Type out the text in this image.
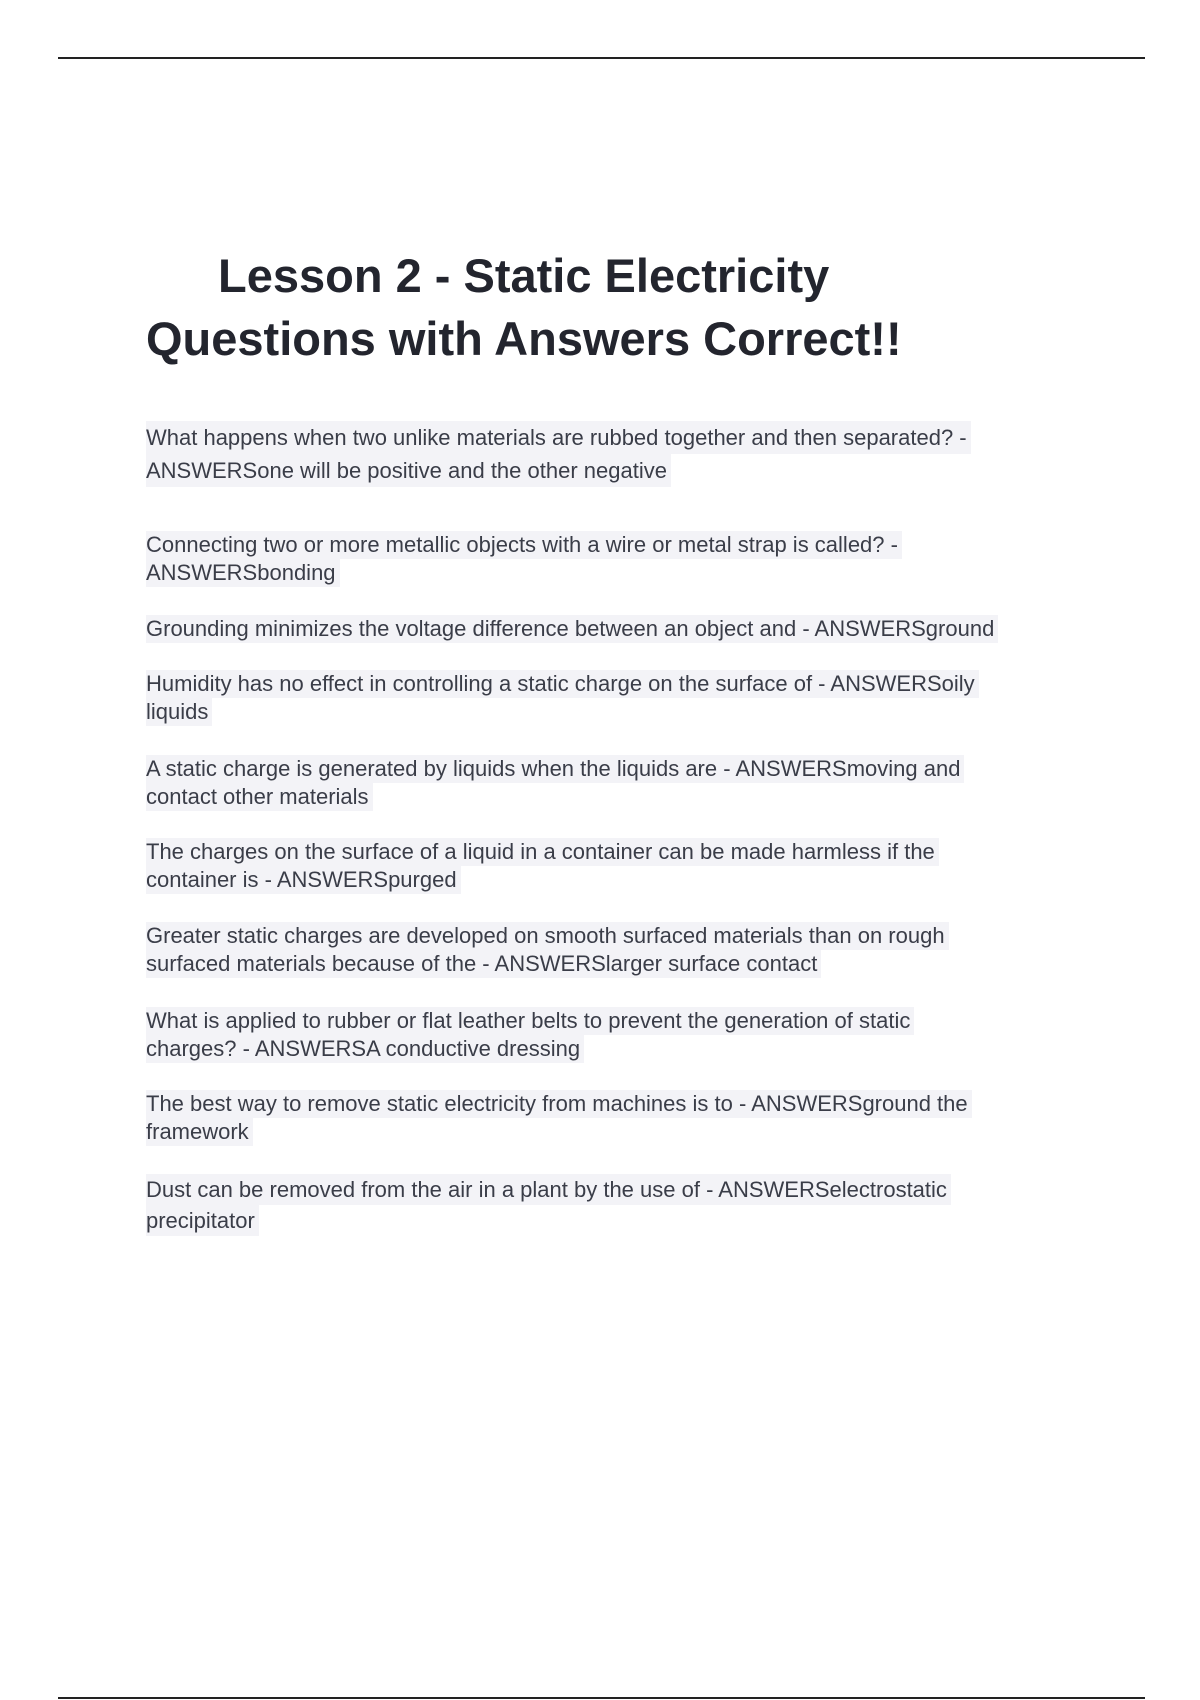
Lesson 2 - Static Electricity
Questions with Answers Correct!!
What happens when two unlike materials are rubbed together and then separated? -
ANSWERSone will be positive and the other negative
Connecting two or more metallic objects with a wire or metal strap is called? -
ANSWERSbonding
Grounding minimizes the voltage difference between an object and - ANSWERSground
Humidity has no effect in controlling a static charge on the surface of - ANSWERSoily
liquids
A static charge is generated by liquids when the liquids are - ANSWERSmoving and
contact other materials
The charges on the surface of a liquid in a container can be made harmless if the
container is - ANSWERSpurged
Greater static charges are developed on smooth surfaced materials than on rough
surfaced materials because of the - ANSWERSlarger surface contact
What is applied to rubber or flat leather belts to prevent the generation of static
charges? - ANSWERSA conductive dressing
The best way to remove static electricity from machines is to - ANSWERSground the
framework
Dust can be removed from the air in a plant by the use of - ANSWERSelectrostatic
precipitator
